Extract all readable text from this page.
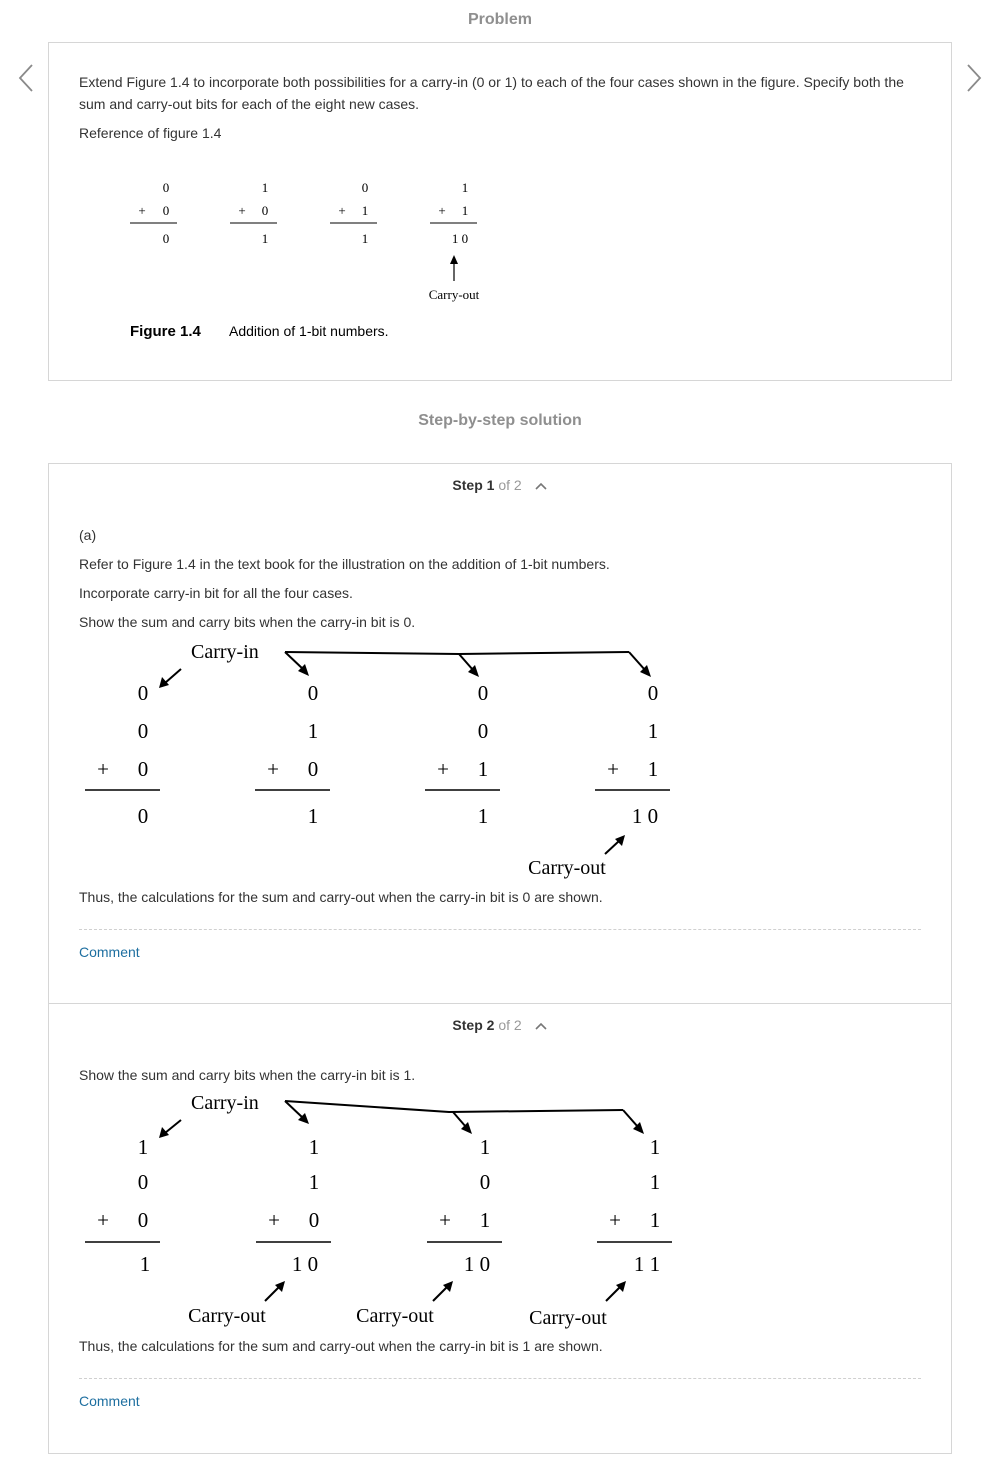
Problem
Extend Figure 1.4 to incorporate both possibilities for a carry-in (0 or 1) to each of the four cases shown in the figure. Specify both the sum and carry-out bits for each of the eight new cases.
Reference of figure 1.4
0
+ 0
0
1
+ 0
1
0
+ 1
1
1
+ 1
1 0
Carry-out
Figure 1.4 Addition of 1-bit numbers.
Step-by-step solution
Step 1 of 2
(a)
Refer to Figure 1.4 in the text book for the illustration on the addition of 1-bit numbers.
Incorporate carry-in bit for all the four cases.
Show the sum and carry bits when the carry-in bit is 0.
Carry-in
0
0
+ 0
0
0
1
+ 0
1
0
0
+ 1
1
0
1
+ 1
1 0
Carry-out
Thus, the calculations for the sum and carry-out when the carry-in bit is 0 are shown.
Comment
Step 2 of 2
Show the sum and carry bits when the carry-in bit is 1.
Carry-in
1
0
+ 0
1
1
1
+ 0
1 0
1
0
+ 1
1 0
1
1
+ 1
1 1
Carry-out	Carry-out	Carry-out
Thus, the calculations for the sum and carry-out when the carry-in bit is 1 are shown.
Comment
